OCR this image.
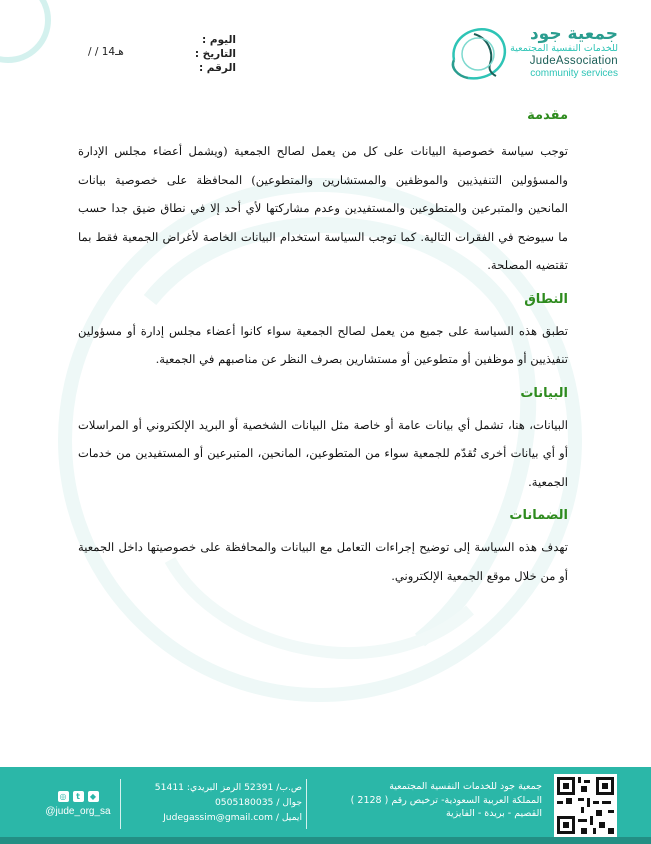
اليوم :
التاريخ :
الرقم :
/ / 14هـ
جمعية جود
للخدمات النفسية المجتمعية
JudeAssociation
community services
مقدمة

توجب سياسة خصوصية البيانات على كل من يعمل لصالح الجمعية (ويشمل أعضاء مجلس الإدارة والمسؤولين التنفيذيين والموظفين والمستشارين والمتطوعين) المحافظة على خصوصية بيانات المانحين والمتبرعين والمتطوعين والمستفيدين وعدم مشاركتها لأي أحد إلا في نطاق ضيق جدا حسب ما سيوضح في الفقرات التالية. كما توجب السياسة استخدام البيانات الخاصة لأغراض الجمعية فقط بما تقتضيه المصلحة.

النطاق

تطبق هذه السياسة على جميع من يعمل لصالح الجمعية سواء كانوا أعضاء مجلس إدارة أو مسؤولين تنفيذيين أو موظفين أو متطوعين أو مستشارين بصرف النظر عن مناصبهم في الجمعية.

البيانات

البيانات، هنا، تشمل أي بيانات عامة أو خاصة مثل البيانات الشخصية أو البريد الإلكتروني أو المراسلات أو أي بيانات أخرى تُقدّم للجمعية سواء من المتطوعين، المانحين، المتبرعين أو المستفيدين من خدمات الجمعية.

الضمانات

تهدف هذه السياسة إلى توضيح إجراءات التعامل مع البيانات والمحافظة على خصوصيتها داخل الجمعية أو من خلال موقع الجمعية الإلكتروني.

جمعية جود للخدمات النفسية المجتمعية
المملكة العربية السعودية- ترخيص رقم ( 2128 )
القصيم - بريدة - الفايزية
ص.ب/ 52391 الرمز البريدي: 51411
جوال / 0505180035
ايميل / Judegassim@gmail.com
◎	t	◆
@jude_org_sa
